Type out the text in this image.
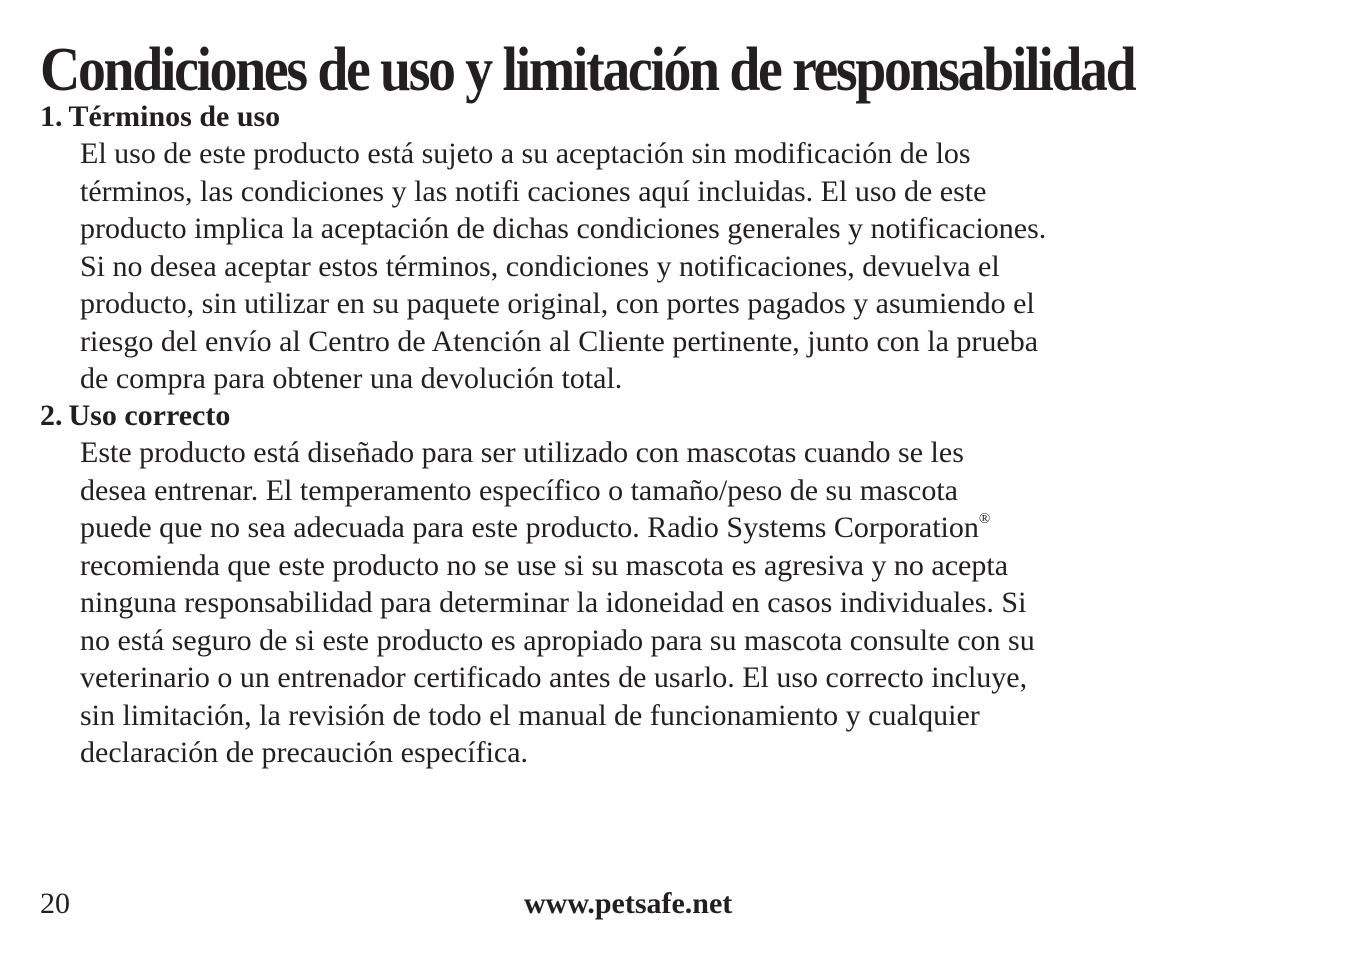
Condiciones de uso y limitación de responsabilidad
1. Términos de uso

El uso de este producto está sujeto a su aceptación sin modificación de los
términos, las condiciones y las notifi caciones aquí incluidas. El uso de este
producto implica la aceptación de dichas condiciones generales y notificaciones.
Si no desea aceptar estos términos, condiciones y notificaciones, devuelva el
producto, sin utilizar en su paquete original, con portes pagados y asumiendo el
riesgo del envío al Centro de Atención al Cliente pertinente, junto con la prueba
de compra para obtener una devolución total.

2. Uso correcto

Este producto está diseñado para ser utilizado con mascotas cuando se les
desea entrenar. El temperamento específico o tamaño/peso de su mascota
puede que no sea adecuada para este producto. Radio Systems Corporation®
recomienda que este producto no se use si su mascota es agresiva y no acepta
ninguna responsabilidad para determinar la idoneidad en casos individuales. Si
no está seguro de si este producto es apropiado para su mascota consulte con su
veterinario o un entrenador certificado antes de usarlo. El uso correcto incluye,
sin limitación, la revisión de todo el manual de funcionamiento y cualquier
declaración de precaución específica.

20	www.petsafe.net
